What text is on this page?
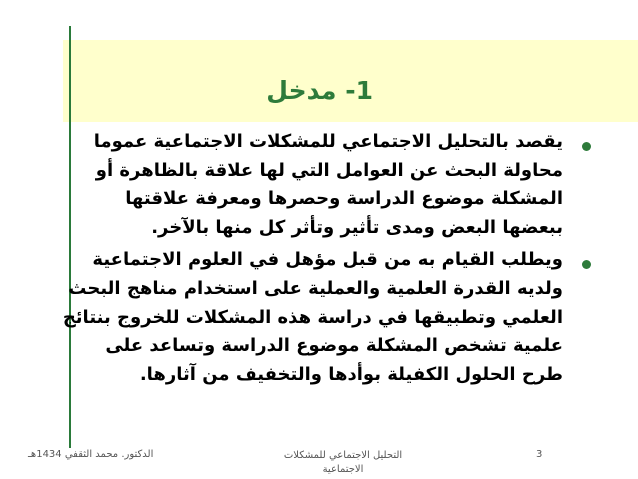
1- مدخل
يقصد بالتحليل الاجتماعي للمشكلات الاجتماعية عموما
محاولة البحث عن العوامل التي لها علاقة بالظاهرة أو
المشكلة موضوع الدراسة وحصرها ومعرفة علاقتها
ببعضها البعض ومدى تأثير وتأثر كل منها بالآخر.
ويطلب القيام به من قبل مؤهل في العلوم الاجتماعية
ولديه القدرة العلمية والعملية على استخدام مناهج البحث
العلمي وتطبيقها في دراسة هذه المشكلات للخروج بنتائج
علمية تشخص المشكلة موضوع الدراسة وتساعد على
طرح الحلول الكفيلة بوأدها والتخفيف من آثارها.
الدكتور. محمد الثقفي 1434هـ	التحليل الاجتماعي للمشكلات
الاجتماعية
3
